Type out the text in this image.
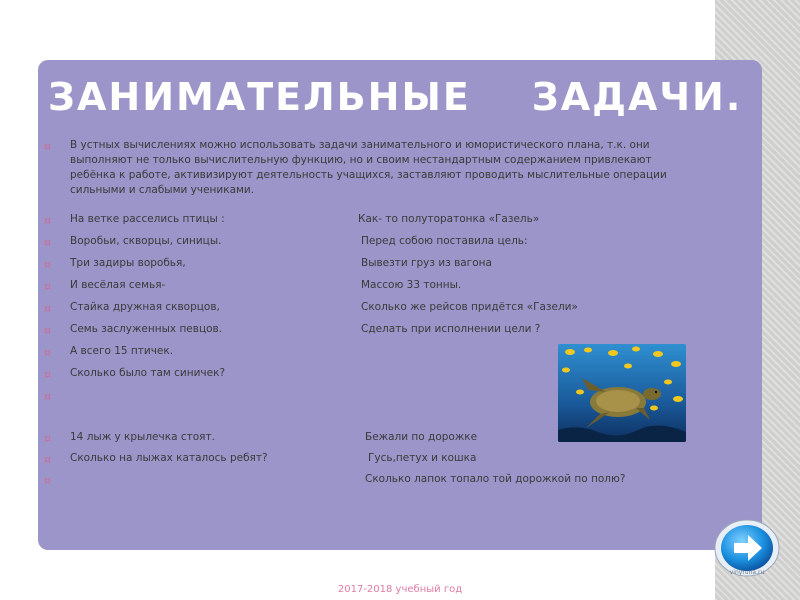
ЗАНИМАТЕЛЬНЫЕ    ЗАДАЧИ.
¤ В устных вычислениях можно использовать задачи занимательного и юмористического плана, т.к. они выполняют не только вычислительную функцию, но и своим нестандартным содержанием привлекают ребёнка к работе, активизируют деятельность учащихся, заставляют проводить мыслительные операции сильными и слабыми учениками.
¤ На ветке расселись птицы :	Как- то полуторатонка «Газель»
¤ Воробьи, скворцы, синицы.	Перед собою поставила цель:
¤ Три задиры воробья,	Вывезти груз из вагона
¤ И весёлая семья-	Массою 33 тонны.
¤ Стайка дружная скворцов,	Сколько же рейсов придётся «Газели»
¤ Семь заслуженных певцов.	Сделать при исполнении цели ?
¤ А всего 15 птичек.
¤ Сколько было там синичек?
¤
¤ 14 лыж у крылечка стоят.	Бежали по дорожке
¤ Сколько на лыжах каталось ребят?	Гусь,петух и кошка
¤	Сколько лапок топало той дорожкой по полю?
2017-2018 учебный год
vinyruna.ru
